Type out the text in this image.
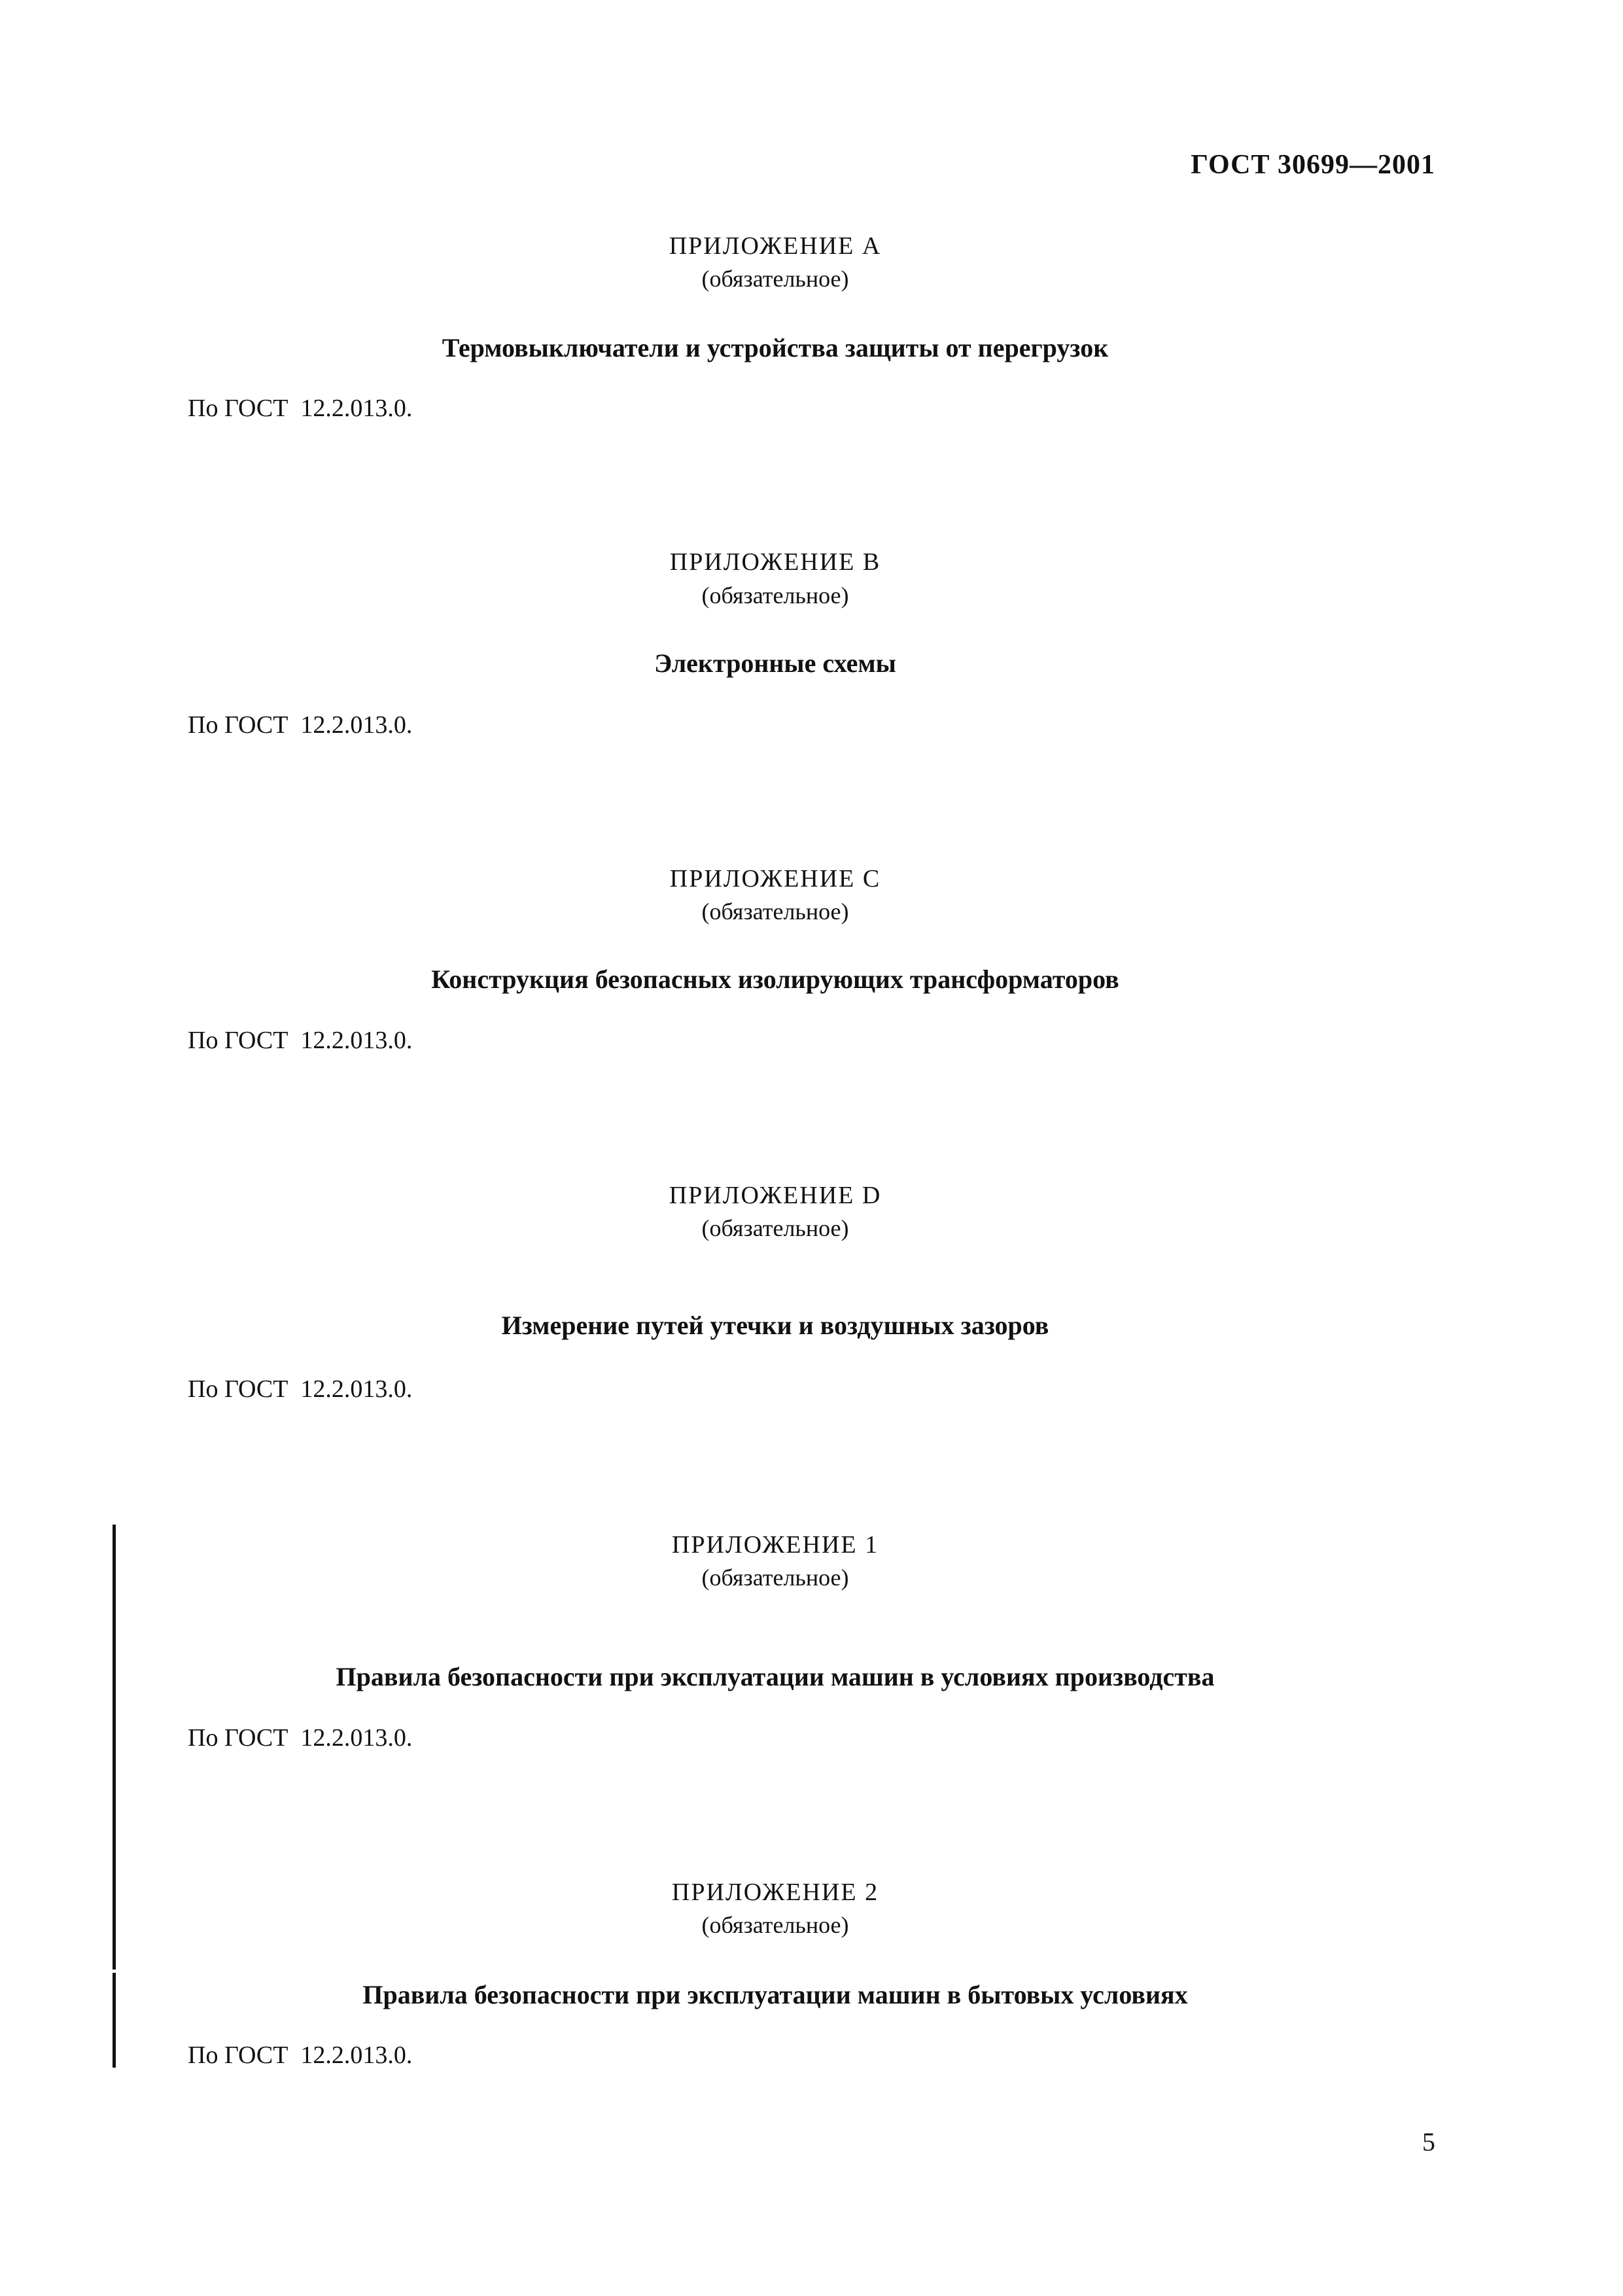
ГОСТ 30699—2001
ПРИЛОЖЕНИЕ А
(обязательное)
Термовыключатели и устройства защиты от перегрузок
По ГОСТ  12.2.013.0.
ПРИЛОЖЕНИЕ В
(обязательное)
Электронные схемы
По ГОСТ  12.2.013.0.
ПРИЛОЖЕНИЕ С
(обязательное)
Конструкция безопасных изолирующих трансформаторов
По ГОСТ  12.2.013.0.
ПРИЛОЖЕНИЕ D
(обязательное)
Измерение путей утечки и воздушных зазоров
По ГОСТ  12.2.013.0.
ПРИЛОЖЕНИЕ 1
(обязательное)
Правила безопасности при эксплуатации машин в условиях производства
По ГОСТ  12.2.013.0.
ПРИЛОЖЕНИЕ 2
(обязательное)
Правила безопасности при эксплуатации машин в бытовых условиях
По ГОСТ  12.2.013.0.
5
